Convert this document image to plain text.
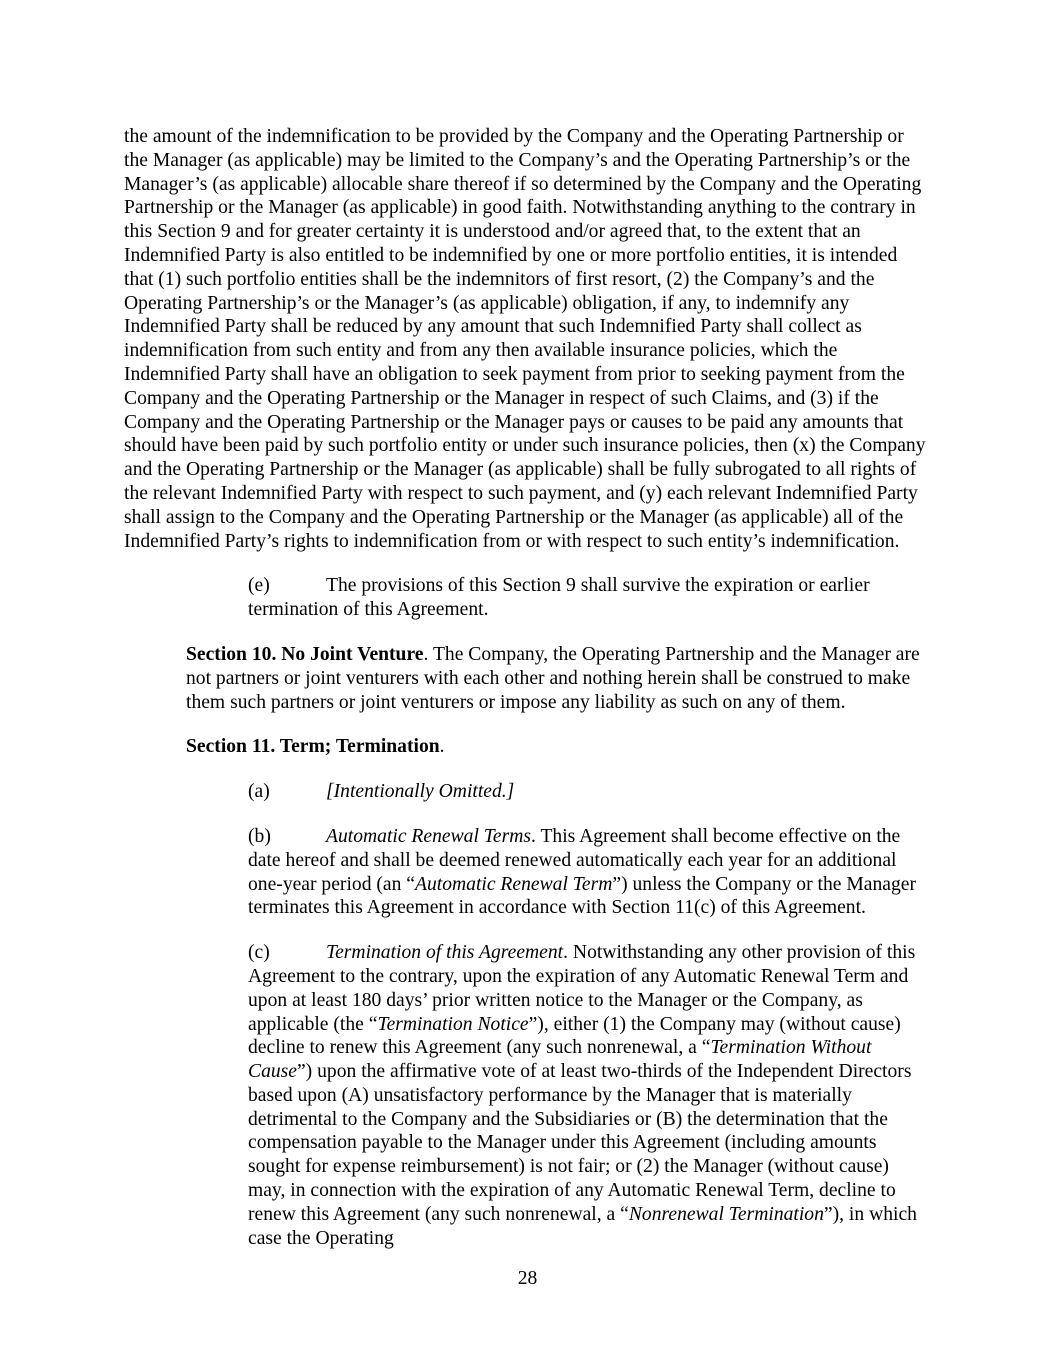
the amount of the indemnification to be provided by the Company and the Operating Partnership or the Manager (as applicable) may be limited to the Company’s and the Operating Partnership’s or the Manager’s (as applicable) allocable share thereof if so determined by the Company and the Operating Partnership or the Manager (as applicable) in good faith. Notwithstanding anything to the contrary in this Section 9 and for greater certainty it is understood and/or agreed that, to the extent that an Indemnified Party is also entitled to be indemnified by one or more portfolio entities, it is intended that (1) such portfolio entities shall be the indemnitors of first resort, (2) the Company’s and the Operating Partnership’s or the Manager’s (as applicable) obligation, if any, to indemnify any Indemnified Party shall be reduced by any amount that such Indemnified Party shall collect as indemnification from such entity and from any then available insurance policies, which the Indemnified Party shall have an obligation to seek payment from prior to seeking payment from the Company and the Operating Partnership or the Manager in respect of such Claims, and (3) if the Company and the Operating Partnership or the Manager pays or causes to be paid any amounts that should have been paid by such portfolio entity or under such insurance policies, then (x) the Company and the Operating Partnership or the Manager (as applicable) shall be fully subrogated to all rights of the relevant Indemnified Party with respect to such payment, and (y) each relevant Indemnified Party shall assign to the Company and the Operating Partnership or the Manager (as applicable) all of the Indemnified Party’s rights to indemnification from or with respect to such entity’s indemnification.

(e)	The provisions of this Section 9 shall survive the expiration or earlier termination of this Agreement.

Section 10. No Joint Venture. The Company, the Operating Partnership and the Manager are not partners or joint venturers with each other and nothing herein shall be construed to make them such partners or joint venturers or impose any liability as such on any of them.

Section 11. Term; Termination.

(a)	[Intentionally Omitted.]

(b)	Automatic Renewal Terms. This Agreement shall become effective on the date hereof and shall be deemed renewed automatically each year for an additional one-year period (an “Automatic Renewal Term”) unless the Company or the Manager terminates this Agreement in accordance with Section 11(c) of this Agreement.

(c)	Termination of this Agreement. Notwithstanding any other provision of this Agreement to the contrary, upon the expiration of any Automatic Renewal Term and upon at least 180 days’ prior written notice to the Manager or the Company, as applicable (the “Termination Notice”), either (1) the Company may (without cause) decline to renew this Agreement (any such nonrenewal, a “Termination Without Cause”) upon the affirmative vote of at least two-thirds of the Independent Directors based upon (A) unsatisfactory performance by the Manager that is materially detrimental to the Company and the Subsidiaries or (B) the determination that the compensation payable to the Manager under this Agreement (including amounts sought for expense reimbursement) is not fair; or (2) the Manager (without cause) may, in connection with the expiration of any Automatic Renewal Term, decline to renew this Agreement (any such nonrenewal, a “Nonrenewal Termination”), in which case the Operating

28
